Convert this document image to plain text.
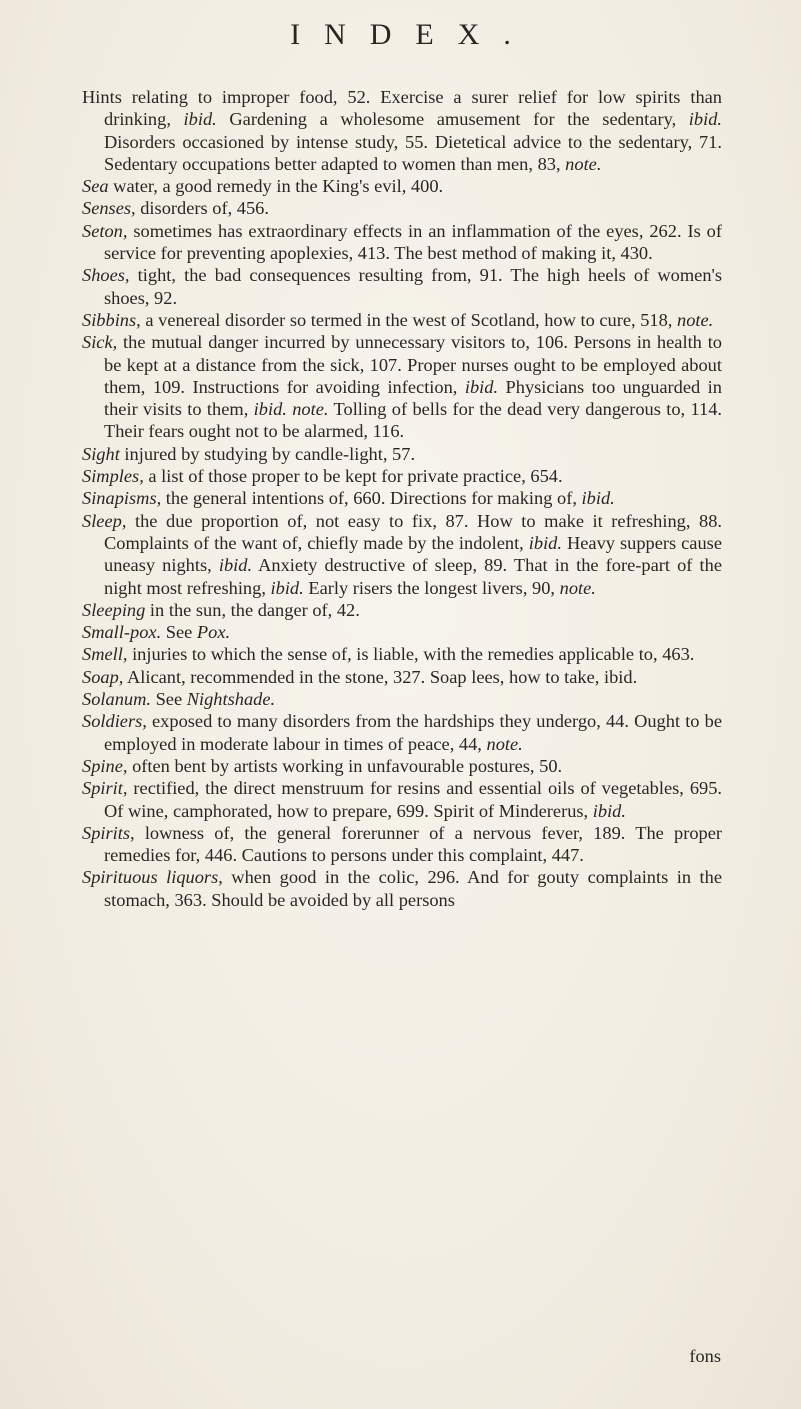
INDEX.

Hints relating to improper food, 52. Exercise a surer relief for low spirits than drinking, ibid. Gardening a wholesome amusement for the sedentary, ibid. Disorders occasioned by intense study, 55. Dietetical advice to the sedentary, 71. Sedentary occupations better adapted to women than men, 83, note.

Sea water, a good remedy in the King's evil, 400.

Senses, disorders of, 456.

Seton, sometimes has extraordinary effects in an inflammation of the eyes, 262. Is of service for preventing apoplexies, 413. The best method of making it, 430.

Shoes, tight, the bad consequences resulting from, 91. The high heels of women's shoes, 92.

Sibbins, a venereal disorder so termed in the west of Scotland, how to cure, 518, note.

Sick, the mutual danger incurred by unnecessary visitors to, 106. Persons in health to be kept at a distance from the sick, 107. Proper nurses ought to be employed about them, 109. Instructions for avoiding infection, ibid. Physicians too unguarded in their visits to them, ibid. note. Tolling of bells for the dead very dangerous to, 114. Their fears ought not to be alarmed, 116.

Sight injured by studying by candle-light, 57.

Simples, a list of those proper to be kept for private practice, 654.

Sinapisms, the general intentions of, 660. Directions for making of, ibid.

Sleep, the due proportion of, not easy to fix, 87. How to make it refreshing, 88. Complaints of the want of, chiefly made by the indolent, ibid. Heavy suppers cause uneasy nights, ibid. Anxiety destructive of sleep, 89. That in the fore-part of the night most refreshing, ibid. Early risers the longest livers, 90, note.

Sleeping in the sun, the danger of, 42.

Small-pox. See Pox.

Smell, injuries to which the sense of, is liable, with the remedies applicable to, 463.

Soap, Alicant, recommended in the stone, 327. Soap lees, how to take, ibid.

Solanum. See Nightshade.

Soldiers, exposed to many disorders from the hardships they undergo, 44. Ought to be employed in moderate labour in times of peace, 44, note.

Spine, often bent by artists working in unfavourable postures, 50.

Spirit, rectified, the direct menstruum for resins and essential oils of vegetables, 695. Of wine, camphorated, how to prepare, 699. Spirit of Mindererus, ibid.

Spirits, lowness of, the general forerunner of a nervous fever, 189. The proper remedies for, 446. Cautions to persons under this complaint, 447.

Spirituous liquors, when good in the colic, 296. And for gouty complaints in the stomach, 363. Should be avoided by all persons

fons
